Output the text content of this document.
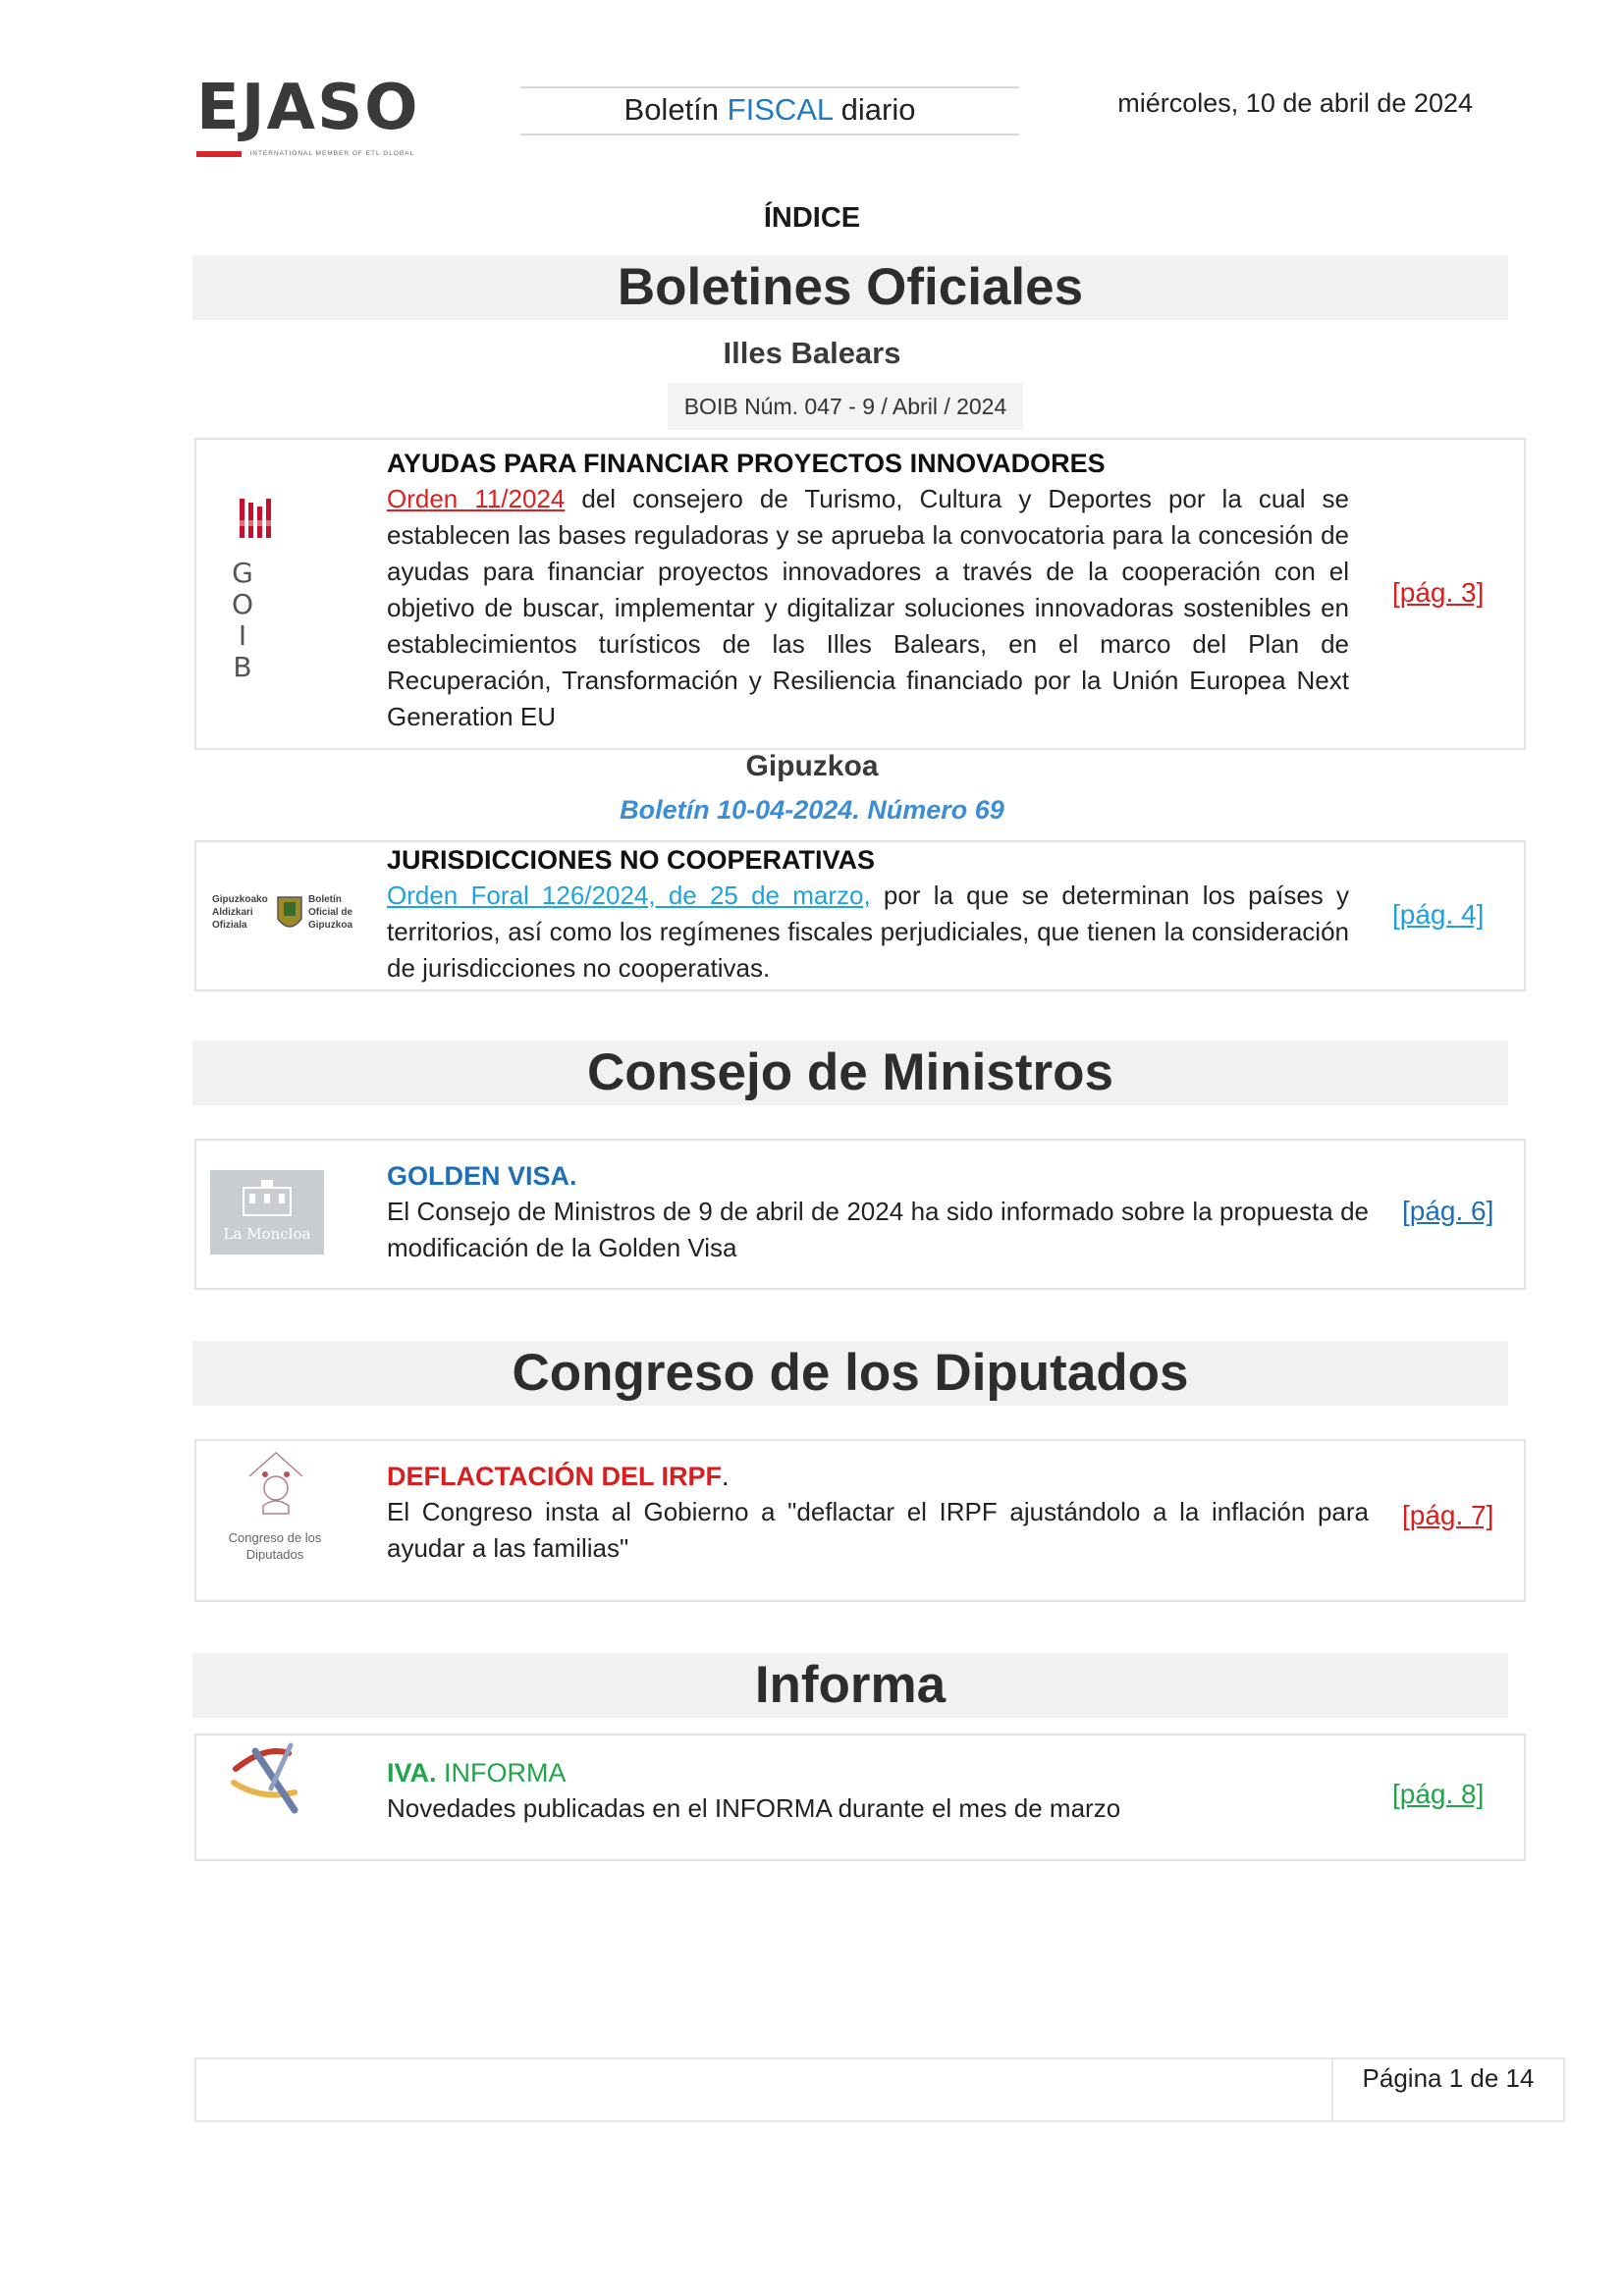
EJASO
INTERNATIONAL MEMBER OF ETL GLOBAL
Boletín FISCAL diario	miércoles, 10 de abril de 2024
ÍNDICE
Boletines Oficiales
Illes Balears
BOIB Núm. 047 - 9 / Abril / 2024
G
O
I
B
AYUDAS PARA FINANCIAR PROYECTOS INNOVADORES
Orden 11/2024 del consejero de Turismo, Cultura y Deportes por la cual se establecen las bases reguladoras y se aprueba la convocatoria para la concesión de ayudas para financiar proyectos innovadores a través de la cooperación con el objetivo de buscar, implementar y digitalizar soluciones innovadoras sostenibles en establecimientos turísticos de las Illes Balears, en el marco del Plan de Recuperación, Transformación y Resiliencia financiado por la Unión Europea Next Generation EU
[pág. 3]
Gipuzkoa
Boletín 10-04-2024. Número 69
Gipuzkoako Aldizkari Ofiziala
Boletín Oficial de Gipuzkoa
JURISDICCIONES NO COOPERATIVAS
Orden Foral 126/2024, de 25 de marzo, por la que se determinan los países y territorios, así como los regímenes fiscales perjudiciales, que tienen la consideración de jurisdicciones no cooperativas.
[pág. 4]
Consejo de Ministros
La Moncloa
GOLDEN VISA.
El Consejo de Ministros de 9 de abril de 2024 ha sido informado sobre la propuesta de modificación de la Golden Visa
[pág. 6]
Congreso de los Diputados
Congreso de los Diputados
DEFLACTACIÓN DEL IRPF.
El Congreso insta al Gobierno a "deflactar el IRPF ajustándolo a la inflación para ayudar a las familias"
[pág. 7]
Informa
IVA. INFORMA
Novedades publicadas en el INFORMA durante el mes de marzo	[pág. 8]
Página 1 de 14
